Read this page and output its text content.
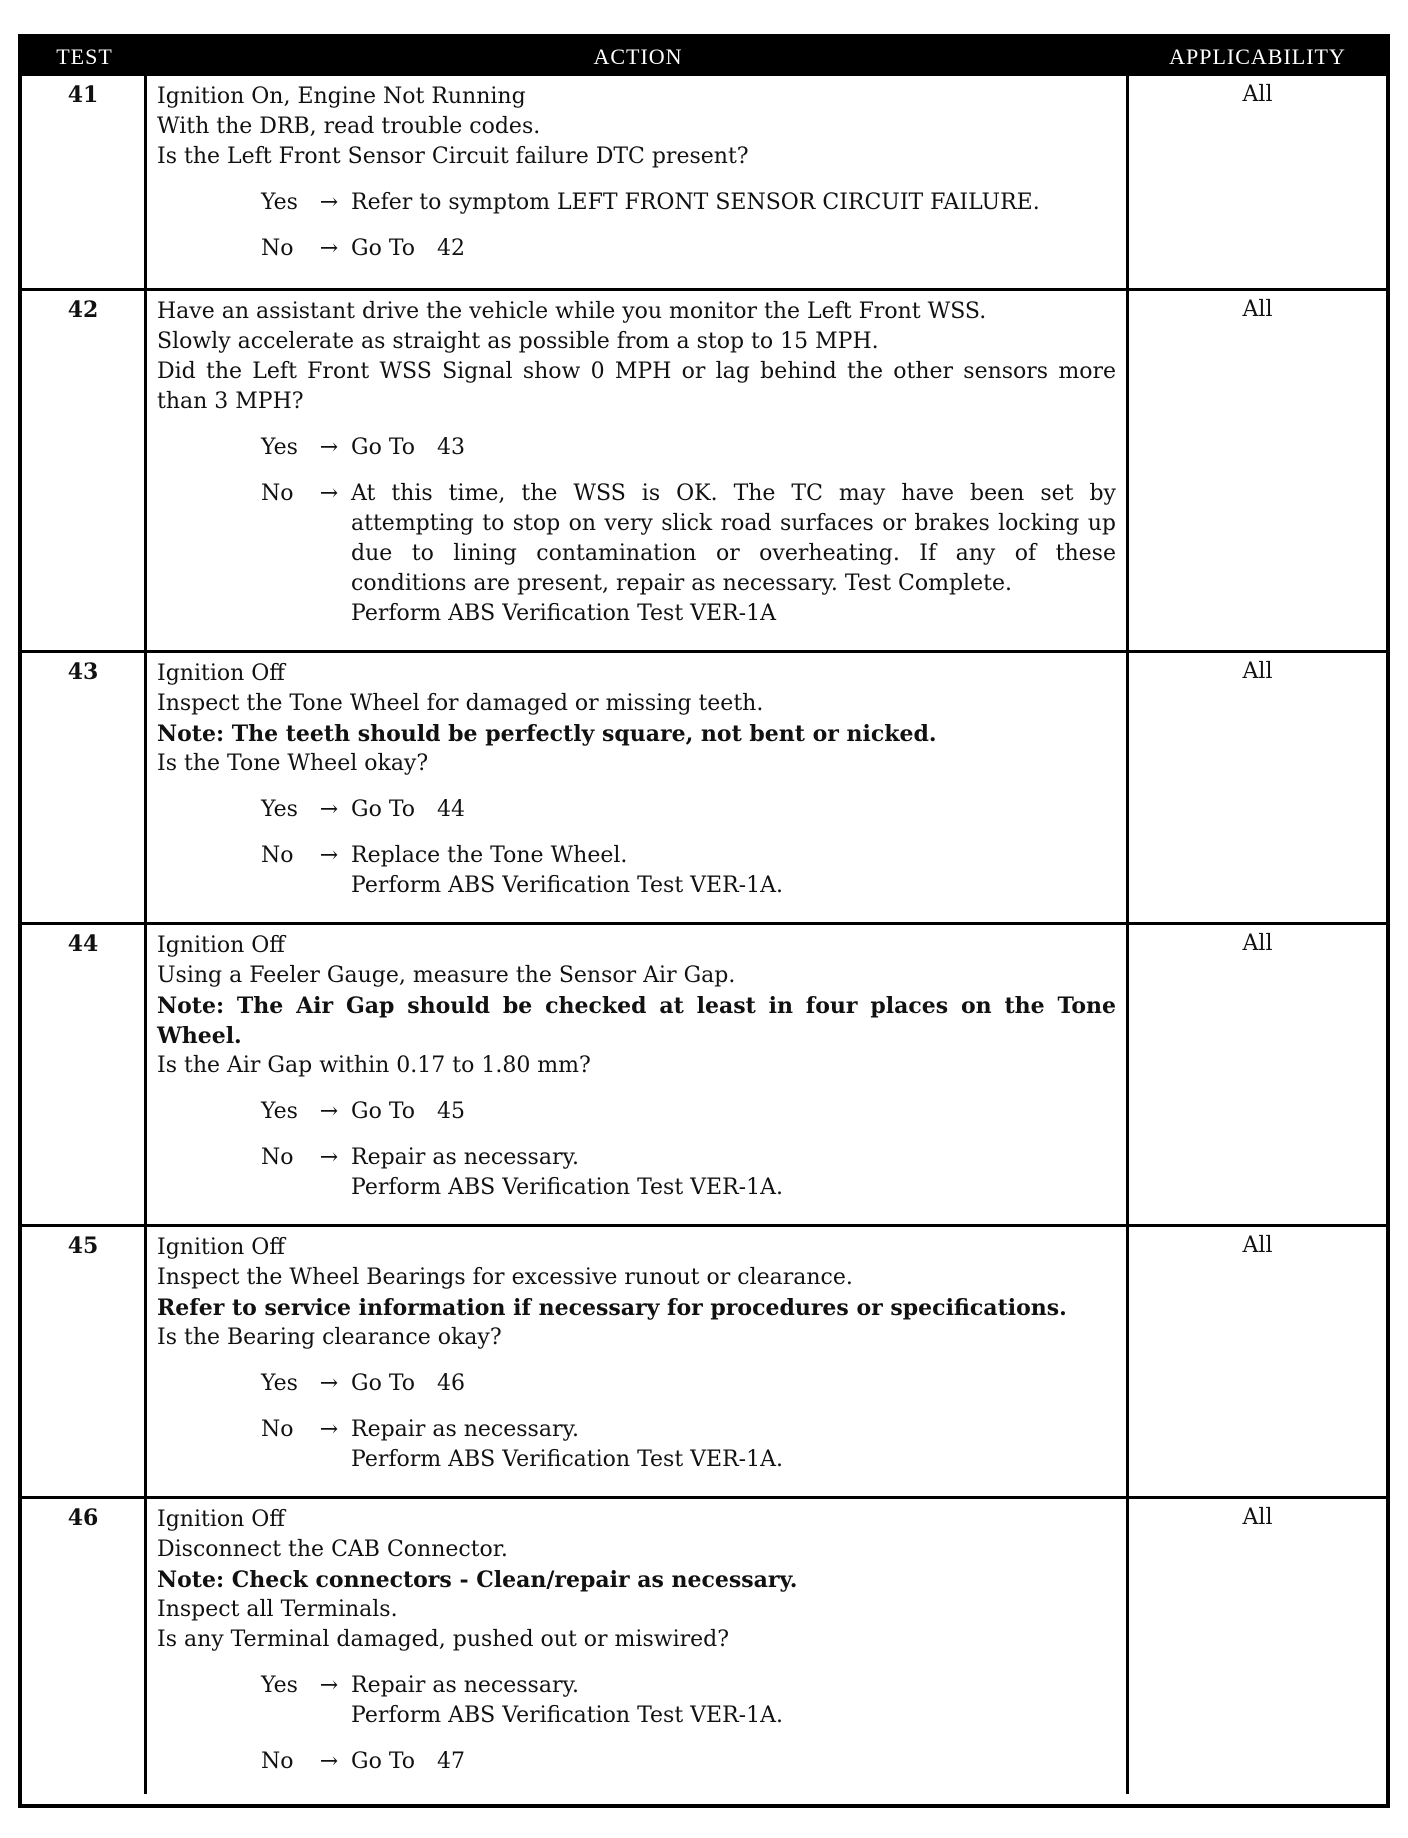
TEST	ACTION	APPLICABILITY
41	Ignition On, Engine Not Running
With the DRB, read trouble codes.
Is the Left Front Sensor Circuit failure DTC present?
Yes → Refer to symptom LEFT FRONT SENSOR CIRCUIT FAILURE.
No	→ Go To 42
All
42	Have an assistant drive the vehicle while you monitor the Left Front WSS.
Slowly accelerate as straight as possible from a stop to 15 MPH.
Did the Left Front WSS Signal show 0 MPH or lag behind the other sensors more than 3 MPH?
Yes → Go To 43
No	→ At this time, the WSS is OK. The TC may have been set by attempting to stop on very slick road surfaces or brakes locking up due to lining contamination or overheating. If any of these conditions are present, repair as necessary. Test Complete.
Perform ABS Verification Test VER-1A
All
43	Ignition Off
Inspect the Tone Wheel for damaged or missing teeth.
Note: The teeth should be perfectly square, not bent or nicked.
Is the Tone Wheel okay?
Yes → Go To 44
No	→ Replace the Tone Wheel.
Perform ABS Verification Test VER-1A.
All
44	Ignition Off
Using a Feeler Gauge, measure the Sensor Air Gap.
Note: The Air Gap should be checked at least in four places on the Tone Wheel.
Is the Air Gap within 0.17 to 1.80 mm?
Yes → Go To 45
No	→ Repair as necessary.
Perform ABS Verification Test VER-1A.
All
45	Ignition Off
Inspect the Wheel Bearings for excessive runout or clearance.
Refer to service information if necessary for procedures or specifications.
Is the Bearing clearance okay?
Yes → Go To 46
No	→ Repair as necessary.
Perform ABS Verification Test VER-1A.
All
46	Ignition Off
Disconnect the CAB Connector.
Note: Check connectors - Clean/repair as necessary.
Inspect all Terminals.
Is any Terminal damaged, pushed out or miswired?
Yes → Repair as necessary.
Perform ABS Verification Test VER-1A.
No	→ Go To 47
All
